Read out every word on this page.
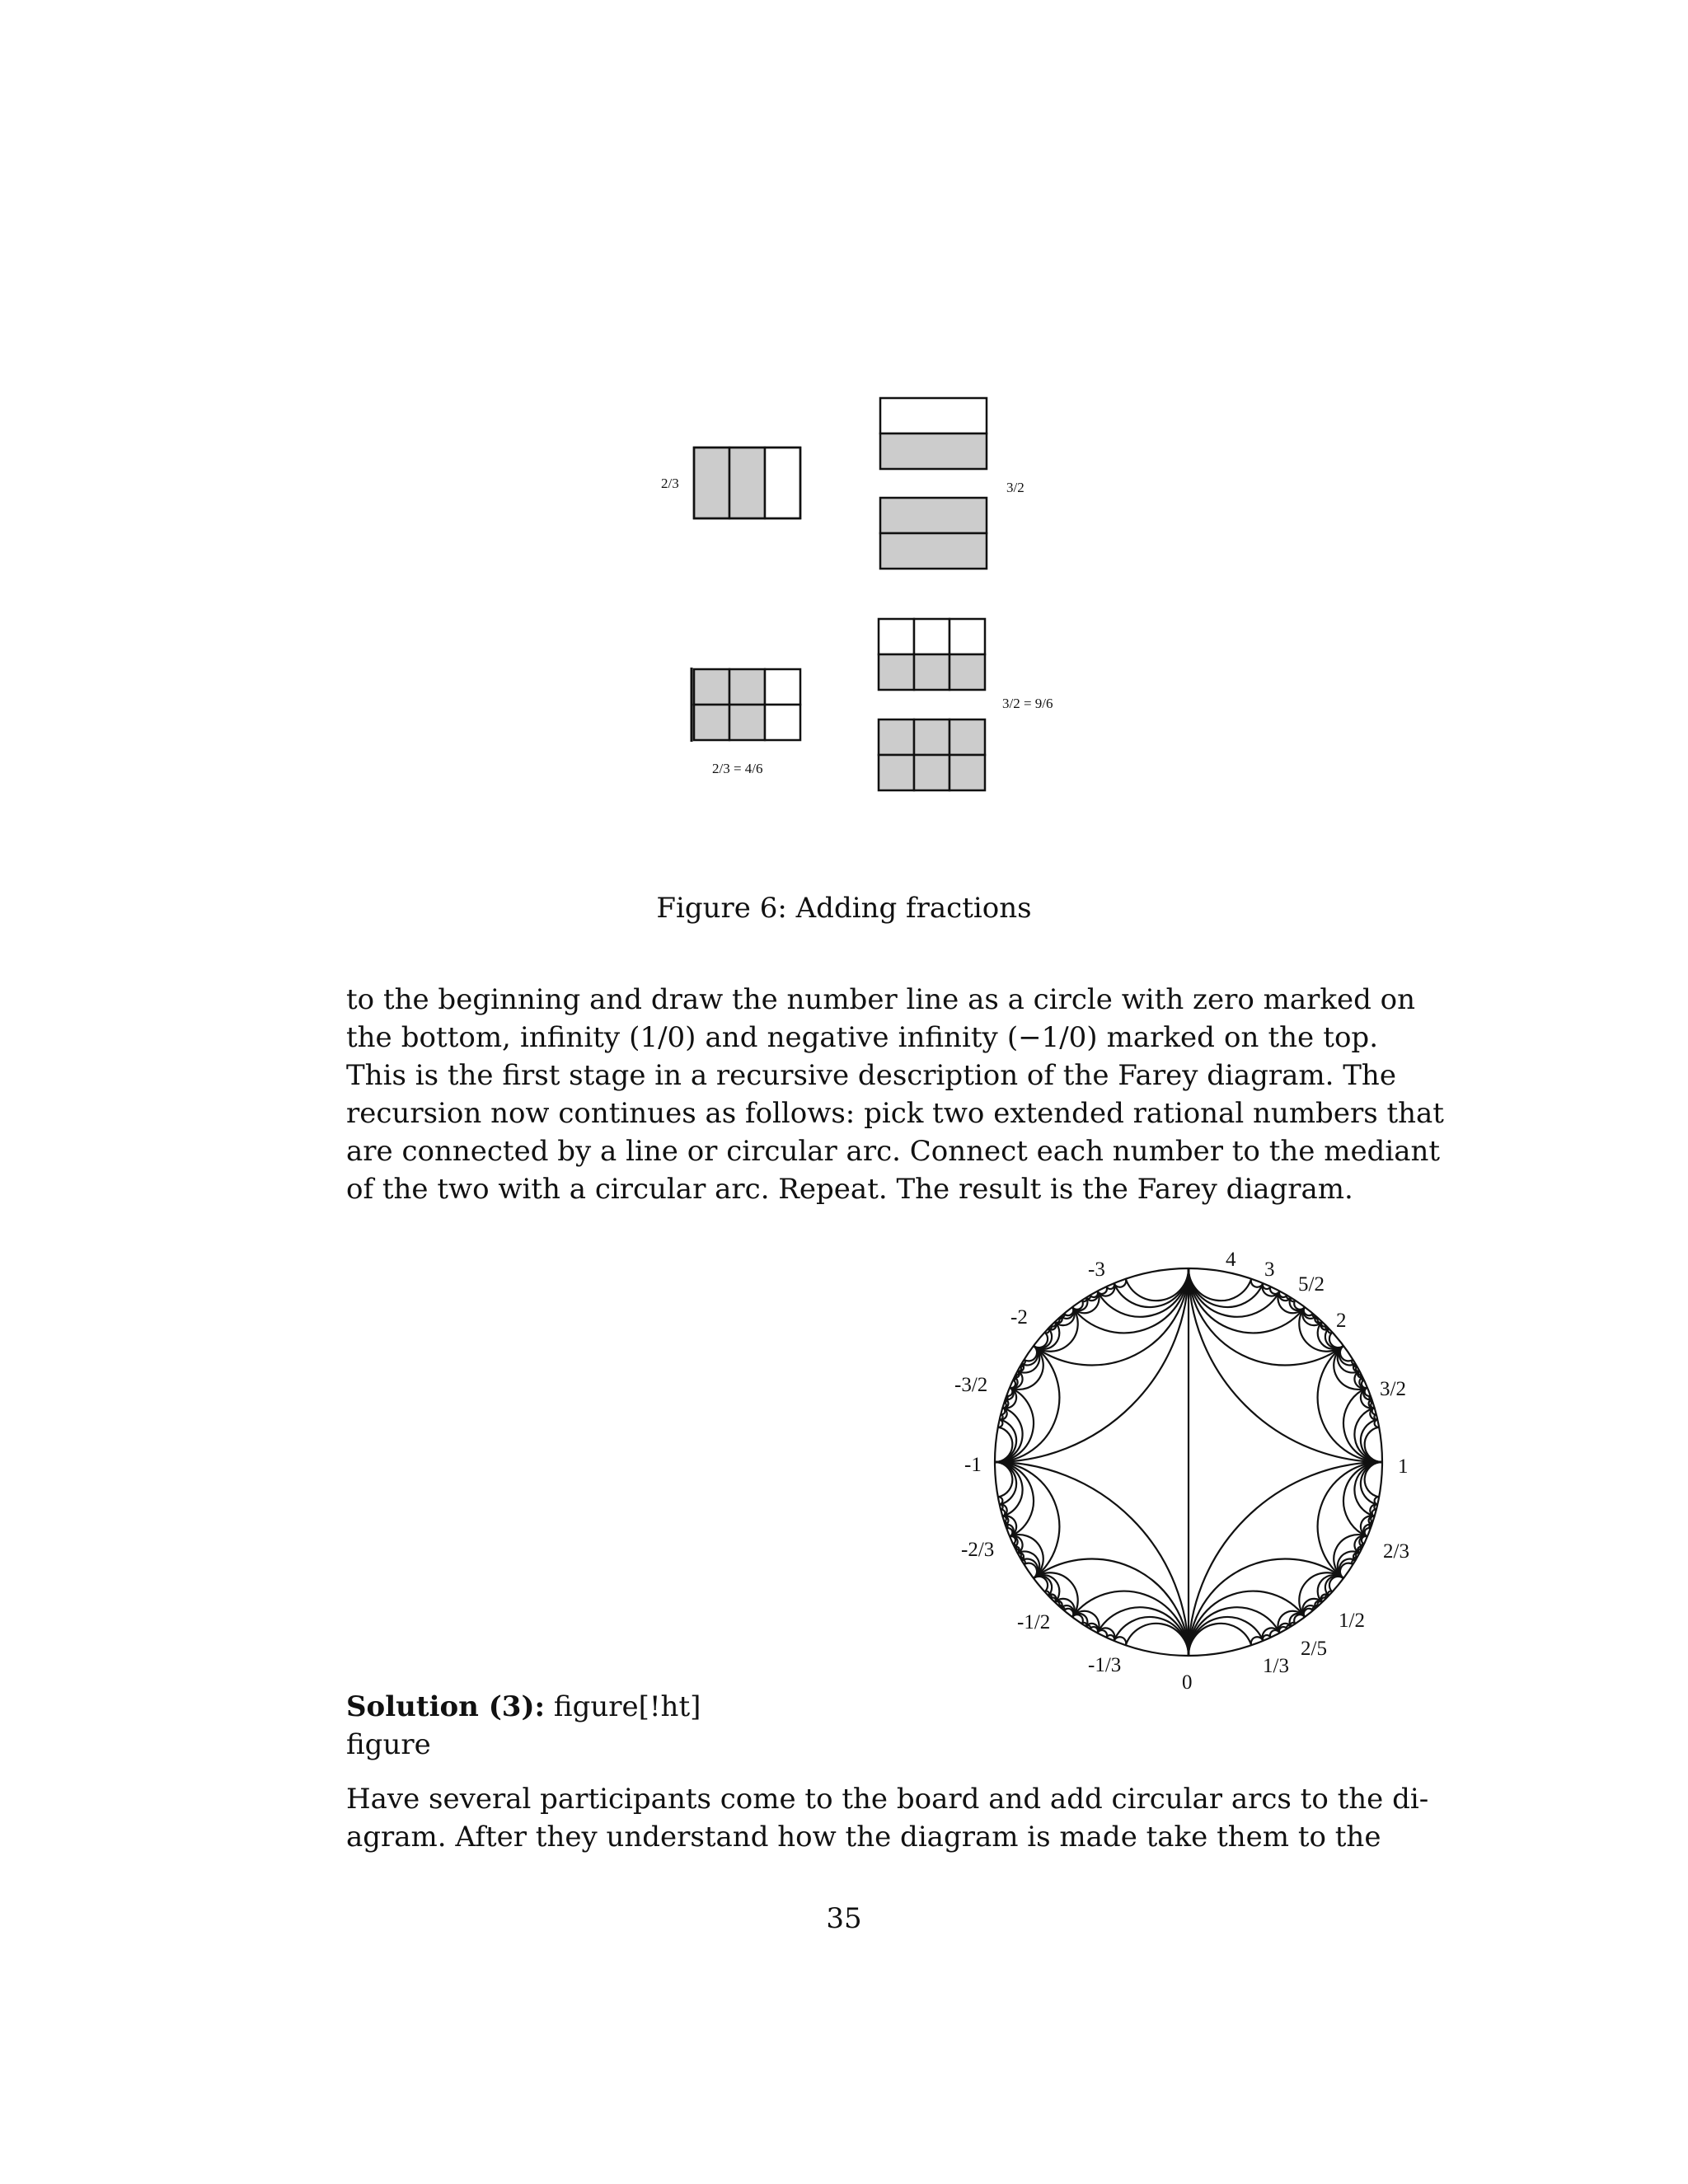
2/3	3/2
3/2 = 9/6
2/3 = 4/6
Figure 6: Adding fractions
to the beginning and draw the number line as a circle with zero marked on
the bottom, infinity (1/0) and negative infinity (−1/0) marked on the top.
This is the first stage in a recursive description of the Farey diagram. The
recursion now continues as follows: pick two extended rational numbers that
are connected by a line or circular arc. Connect each number to the mediant
of the two with a circular arc. Repeat. The result is the Farey diagram.
-3	4 3
5/2
2
-2
-3/2	3/2
-1	1
-2/3	2/3
-1/2	1/2
2/5
-1/3
0
1/3
Solution (3): figure[!ht]
figure
Have several participants come to the board and add circular arcs to the di-
agram. After they understand how the diagram is made take them to the
35
